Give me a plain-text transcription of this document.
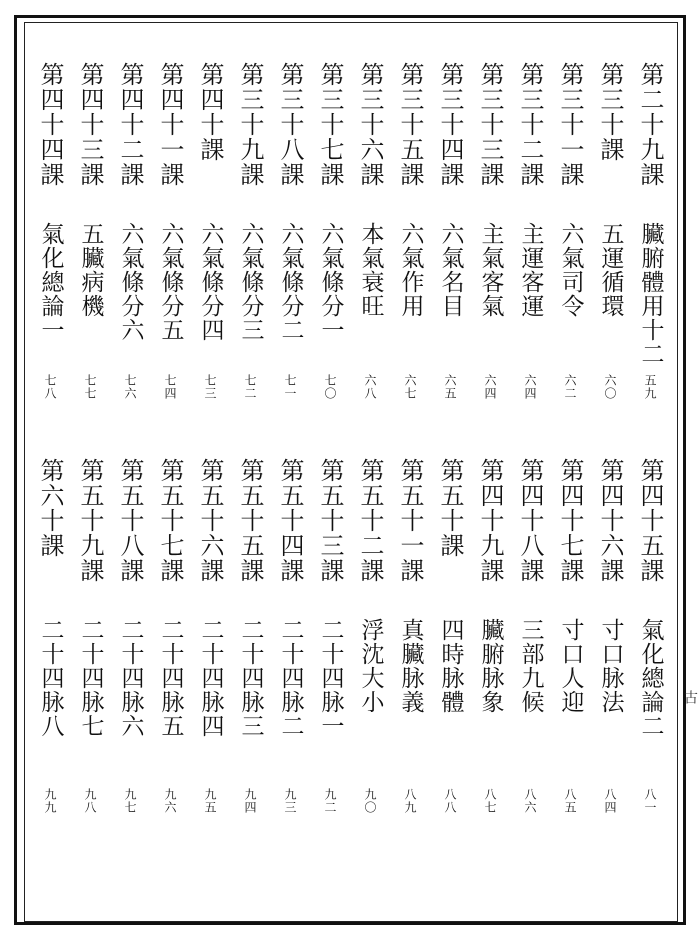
第二十九課
臟腑體用十二
五九
第三十課
五運循環
六〇
第三十一課
六氣司令
六二
第三十二課
主運客運
六四
第三十三課
主氣客氣
六四
第三十四課
六氣名目
六五
第三十五課
六氣作用
六七
第三十六課
本氣衰旺
六八
第三十七課
六氣條分一
七〇
第三十八課
六氣條分二
七一
第三十九課
六氣條分三
七二
第四十課
六氣條分四
七三
第四十一課
六氣條分五
七四
第四十二課
六氣條分六
七六
第四十三課
五臟病機
七七
第四十四課
氣化總論一
七八
第四十五課
氣化總論二
八一
第四十六課
寸口脉法
八四
第四十七課
寸口人迎
八五
第四十八課
三部九候
八六
第四十九課
臟腑脉象
八七
第五十課
四時脉體
八八
第五十一課
真臟脉義
八九
第五十二課
浮沈大小
九〇
第五十三課
二十四脉一
九二
第五十四課
二十四脉二
九三
第五十五課
二十四脉三
九四
第五十六課
二十四脉四
九五
第五十七課
二十四脉五
九六
第五十八課
二十四脉六
九七
第五十九課
二十四脉七
九八
第六十課
二十四脉八
九九
古
